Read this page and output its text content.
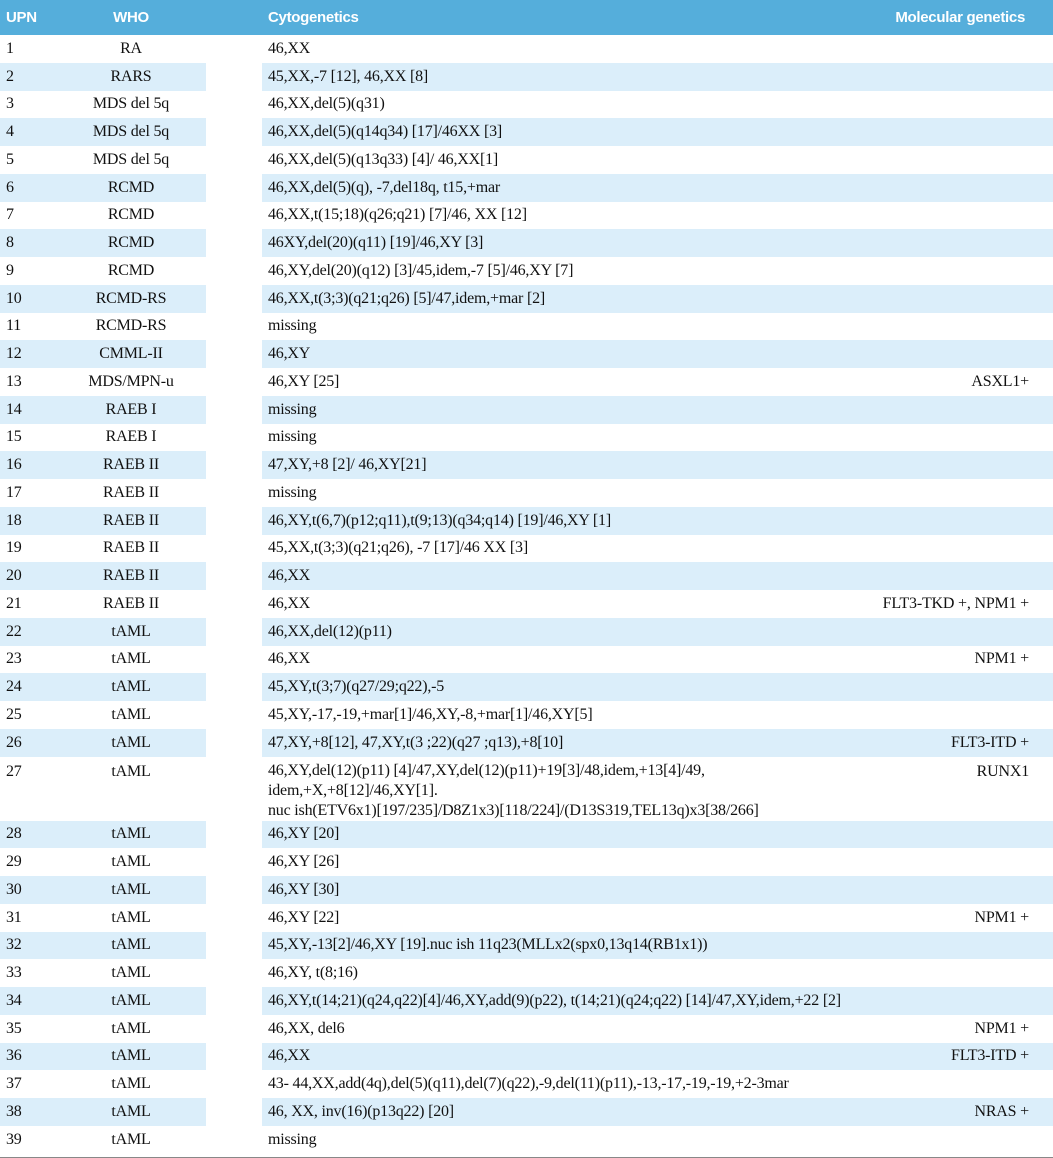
UPN	WHO		Cytogenetics	Molecular genetics
1	RA		46,XX	

2	RARS		45,XX,-7 [12], 46,XX [8]	

3	MDS del 5q		46,XX,del(5)(q31)	

4	MDS del 5q		46,XX,del(5)(q14q34) [17]/46XX [3]	

5	MDS del 5q		46,XX,del(5)(q13q33) [4]/ 46,XX[1]	

6	RCMD		46,XX,del(5)(q), -7,del18q, t15,+mar	

7	RCMD		46,XX,t(15;18)(q26;q21) [7]/46, XX [12]	

8	RCMD		46XY,del(20)(q11) [19]/46,XY [3]	

9	RCMD		46,XY,del(20)(q12) [3]/45,idem,-7 [5]/46,XY [7]	

10	RCMD-RS		46,XX,t(3;3)(q21;q26) [5]/47,idem,+mar [2]	

11	RCMD-RS		missing	

12	CMML-II		46,XY	

13	MDS/MPN-u		46,XY [25]	ASXL1+
14	RAEB I		missing	

15	RAEB I		missing	

16	RAEB II		47,XY,+8 [2]/ 46,XY[21]	

17	RAEB II		missing	

18	RAEB II		46,XY,t(6,7)(p12;q11),t(9;13)(q34;q14) [19]/46,XY [1]	

19	RAEB II		45,XX,t(3;3)(q21;q26), -7 [17]/46 XX [3]	

20	RAEB II		46,XX	

21	RAEB II		46,XX	FLT3-TKD +, NPM1 +
22	tAML		46,XX,del(12)(p11)	

23	tAML		46,XX	NPM1 +
24	tAML		45,XY,t(3;7)(q27/29;q22),-5	

25	tAML		45,XY,-17,-19,+mar[1]/46,XY,-8,+mar[1]/46,XY[5]	

26	tAML		47,XY,+8[12], 47,XY,t(3 ;22)(q27 ;q13),+8[10]	FLT3-ITD +
27	tAML		46,XY,del(12)(p11) [4]/47,XY,del(12)(p11)+19[3]/48,idem,+13[4]/49, idem,+X,+8[12]/46,XY[1].
nuc ish(ETV6x1)[197/235]/D8Z1x3)[118/224]/(D13S319,TEL13q)x3[38/266]	RUNX1
28	tAML		46,XY [20]	

29	tAML		46,XY [26]	

30	tAML		46,XY [30]	

31	tAML		46,XY [22]	NPM1 +
32	tAML		45,XY,-13[2]/46,XY [19].nuc ish 11q23(MLLx2(spx0,13q14(RB1x1))	

33	tAML		46,XY, t(8;16)	

34	tAML		46,XY,t(14;21)(q24,q22)[4]/46,XY,add(9)(p22), t(14;21)(q24;q22) [14]/47,XY,idem,+22 [2]	

35	tAML		46,XX, del6	NPM1 +
36	tAML		46,XX	FLT3-ITD +
37	tAML		43- 44,XX,add(4q),del(5)(q11),del(7)(q22),-9,del(11)(p11),-13,-17,-19,-19,+2-3mar	

38	tAML		46, XX, inv(16)(p13q22) [20]	NRAS +
39	tAML		missing	
